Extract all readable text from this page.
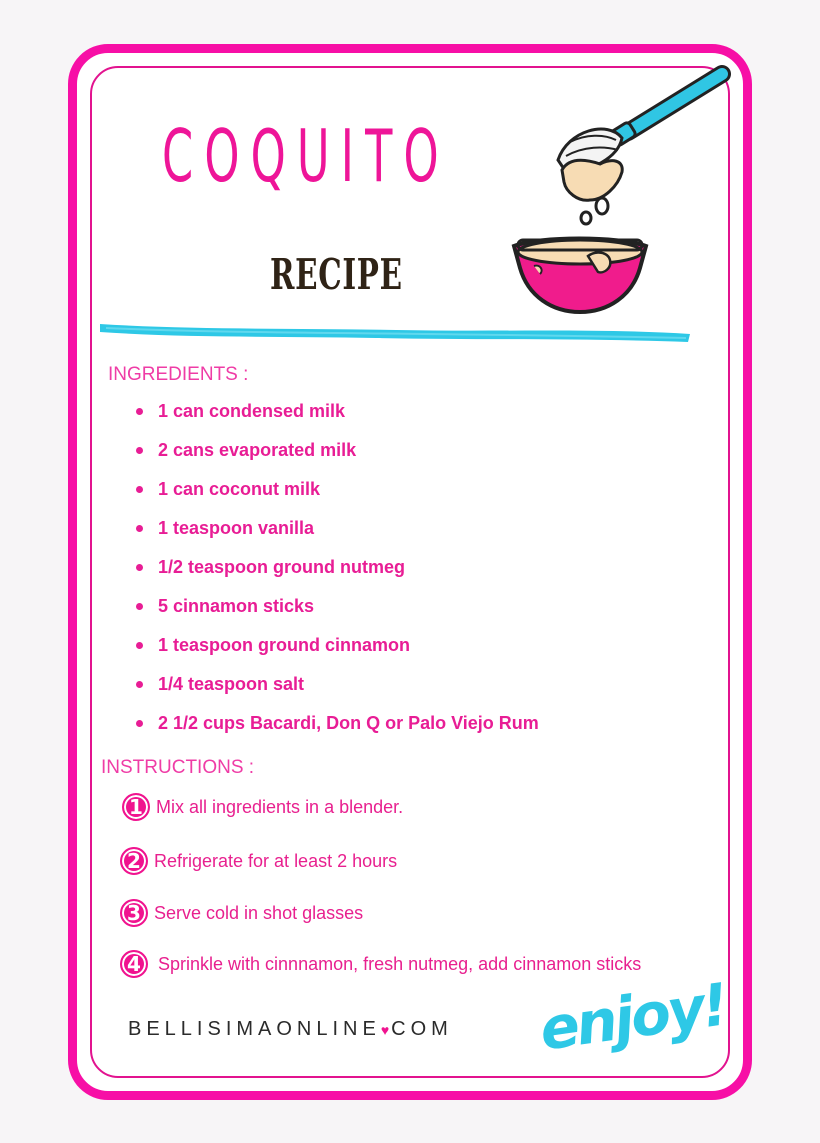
COQUITO
RECIPE
INGREDIENTS :
1 can condensed milk
2 cans evaporated milk
1 can coconut milk
1 teaspoon vanilla
1/2 teaspoon ground nutmeg
5 cinnamon sticks
1 teaspoon ground cinnamon
1/4 teaspoon salt
2 1/2 cups Bacardi, Don Q or Palo Viejo Rum
INSTRUCTIONS :
1 Mix all ingredients in a blender.
2 Refrigerate for at least 2 hours
3 Serve cold in shot glasses
4 Sprinkle with cinnnamon, fresh nutmeg, add cinnamon sticks
BELLISIMAONLINE♥COM enjoy!
